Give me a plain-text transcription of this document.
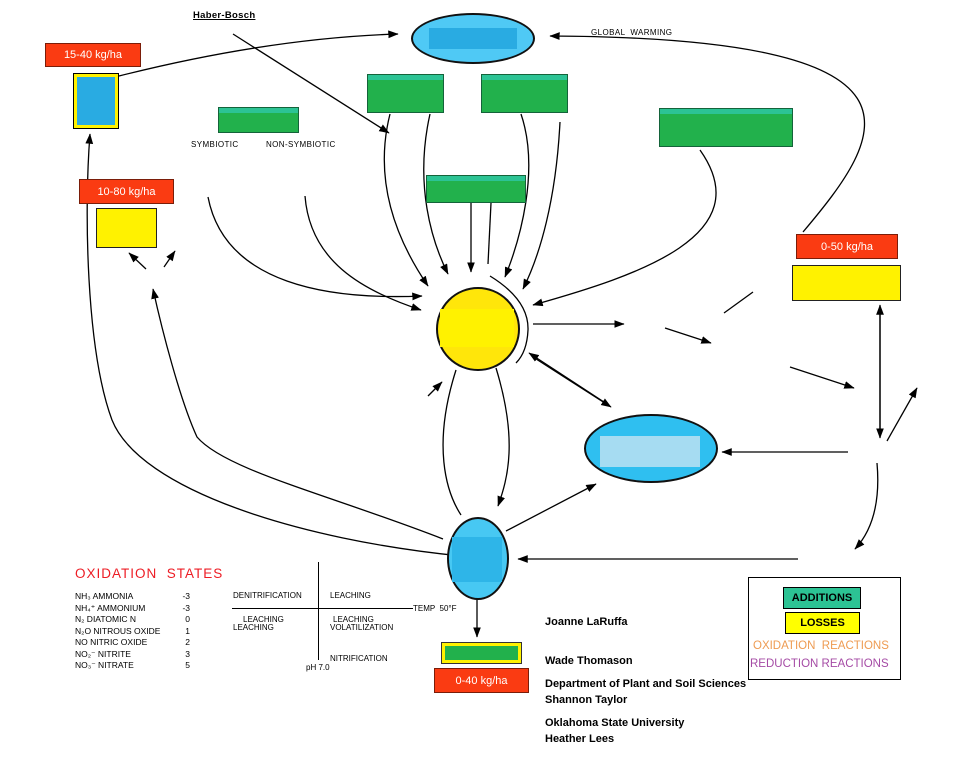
Haber-Bosch
GLOBAL  WARMING
15-40 kg/ha
SYMBIOTIC	NON-SYMBIOTIC
10-80 kg/ha
0-50 kg/ha
0-40 kg/ha
OXIDATION  STATES
NH₃ AMMONIA	-3
NH₄⁺ AMMONIUM	-3
N₂ DIATOMIC N	0
N₂O NITROUS OXIDE	1
NO NITRIC OXIDE	2
NO₂⁻ NITRITE	3
NO₃⁻ NITRATE	5

DENITRIFICATION

LEACHING

LEACHING

VOLATILIZATION

NITRIFICATION

LEACHING	LEACHING
TEMP  50°F
pH 7.0

Joanne LaRuffa

Wade Thomason

Shannon Taylor

Heather Lees

Department of Plant and Soil Sciences

Oklahoma State University

ADDITIONS
LOSSES
OXIDATION  REACTIONS
REDUCTION REACTIONS
